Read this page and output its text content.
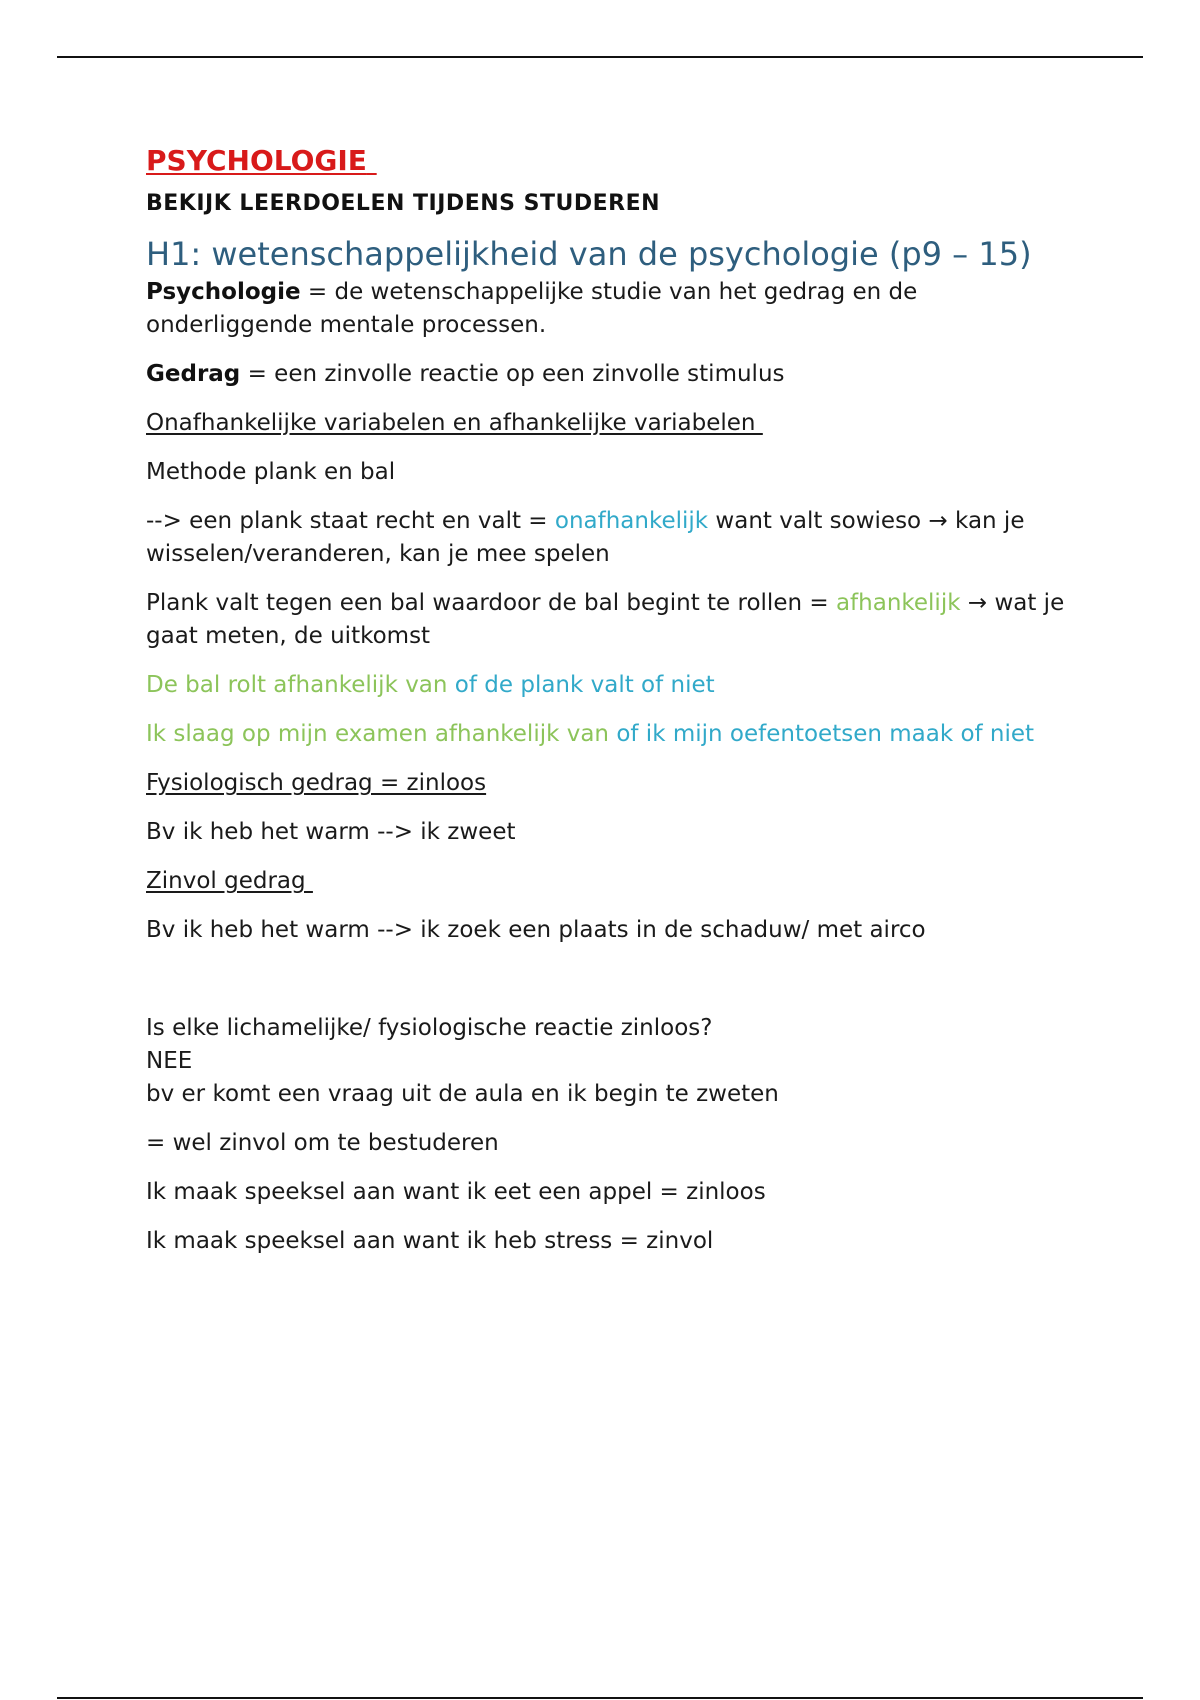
PSYCHOLOGIE
BEKIJK LEERDOELEN TIJDENS STUDEREN
H1: wetenschappelijkheid van de psychologie (p9 – 15)

Psychologie = de wetenschappelijke studie van het gedrag en de onderliggende mentale processen.

Gedrag = een zinvolle reactie op een zinvolle stimulus

Onafhankelijke variabelen en afhankelijke variabelen

Methode plank en bal

--> een plank staat recht en valt = onafhankelijk want valt sowieso → kan je wisselen/veranderen, kan je mee spelen

Plank valt tegen een bal waardoor de bal begint te rollen = afhankelijk → wat je gaat meten, de uitkomst

De bal rolt afhankelijk van of de plank valt of niet

Ik slaag op mijn examen afhankelijk van of ik mijn oefentoetsen maak of niet

Fysiologisch gedrag = zinloos

Bv ik heb het warm --> ik zweet

Zinvol gedrag

Bv ik heb het warm --> ik zoek een plaats in de schaduw/ met airco

Is elke lichamelijke/ fysiologische reactie zinloos?
NEE
bv er komt een vraag uit de aula en ik begin te zweten

= wel zinvol om te bestuderen

Ik maak speeksel aan want ik eet een appel = zinloos

Ik maak speeksel aan want ik heb stress = zinvol
